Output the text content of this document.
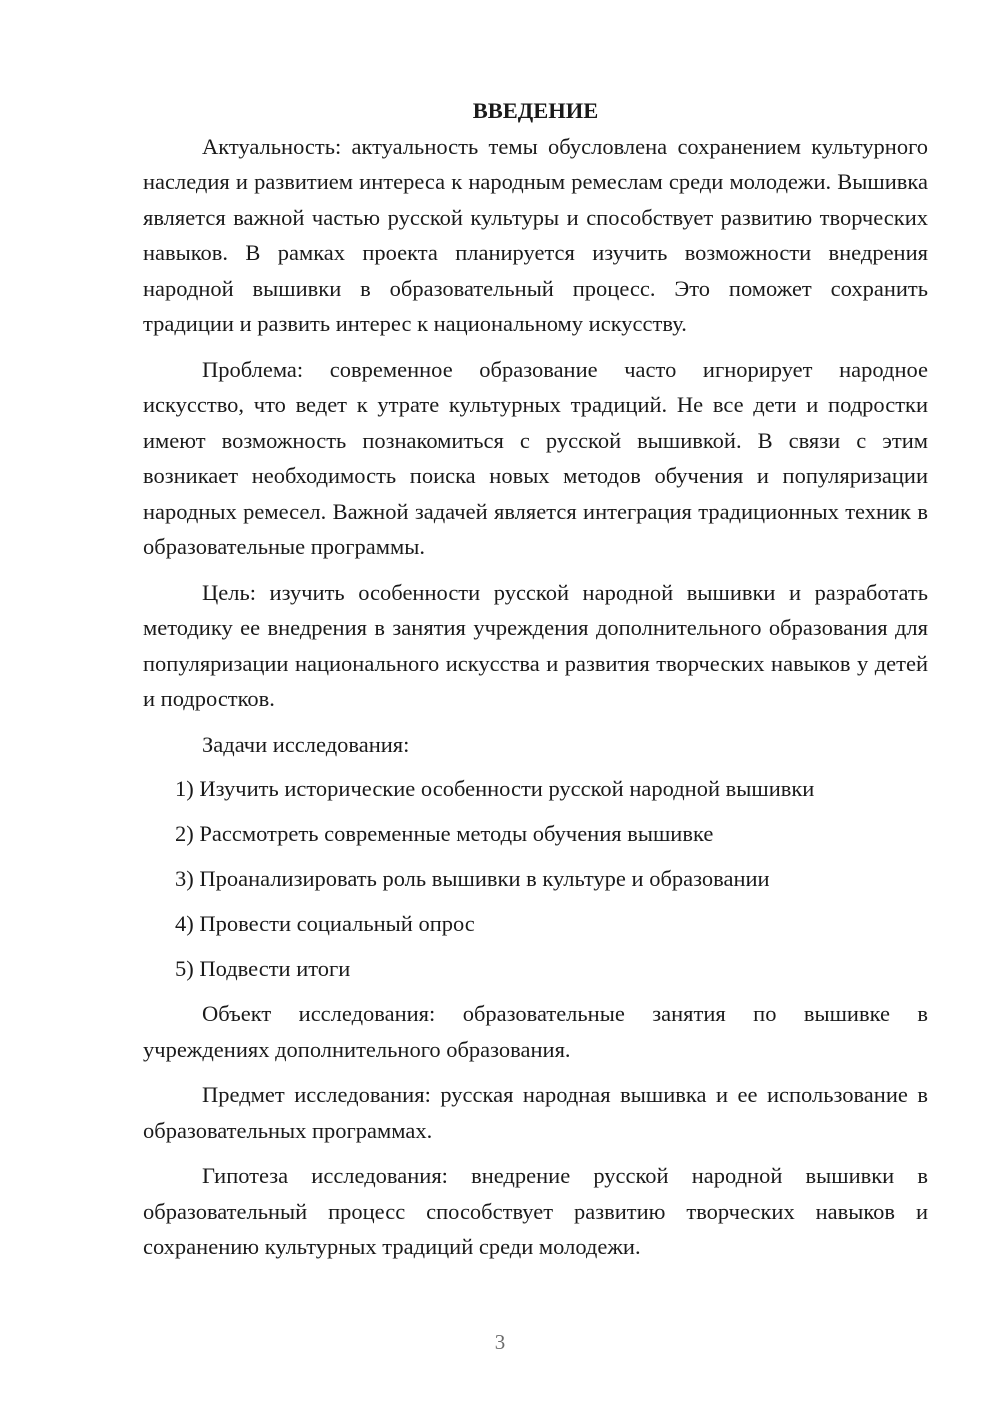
ВВЕДЕНИЕ

Актуальность: актуальность темы обусловлена сохранением культурного наследия и развитием интереса к народным ремеслам среди молодежи. Вышивка является важной частью русской культуры и способствует развитию творческих навыков. В рамках проекта планируется изучить возможности внедрения народной вышивки в образовательный процесс. Это поможет сохранить традиции и развить интерес к национальному искусству.

Проблема: современное образование часто игнорирует народное искусство, что ведет к утрате культурных традиций. Не все дети и подростки имеют возможность познакомиться с русской вышивкой. В связи с этим возникает необходимость поиска новых методов обучения и популяризации народных ремесел. Важной задачей является интеграция традиционных техник в образовательные программы.

Цель: изучить особенности русской народной вышивки и разработать методику ее внедрения в занятия учреждения дополнительного образования для популяризации национального искусства и развития творческих навыков у детей и подростков.

Задачи исследования:
1) Изучить исторические особенности русской народной вышивки
2) Рассмотреть современные методы обучения вышивке
3) Проанализировать роль вышивки в культуре и образовании
4) Провести социальный опрос
5) Подвести итоги

Объект исследования: образовательные занятия по вышивке в учреждениях дополнительного образования.

Предмет исследования: русская народная вышивка и ее использование в образовательных программах.

Гипотеза исследования: внедрение русской народной вышивки в образовательный процесс способствует развитию творческих навыков и сохранению культурных традиций среди молодежи.

3
